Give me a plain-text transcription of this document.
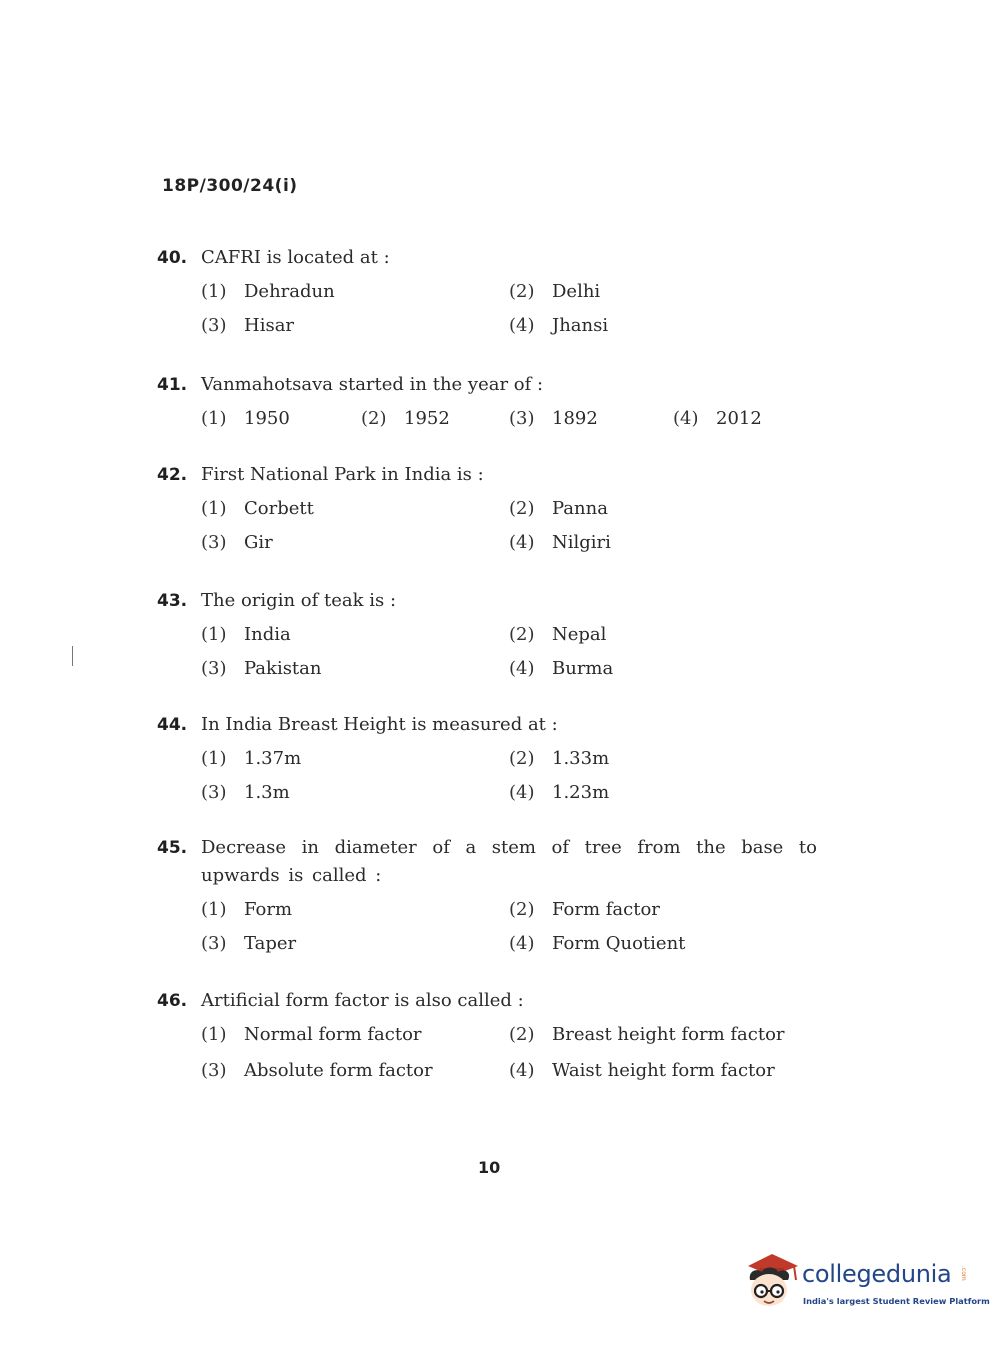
18P/300/24(i)
40. CAFRI is located at :
(1) Dehradun	(2) Delhi
(3) Hisar	(4) Jhansi
41. Vanmahotsava started in the year of :
(1) 1950	(2) 1952	(3) 1892	(4) 2012
42. First National Park in India is :
(1) Corbett	(2) Panna
(3) Gir	(4) Nilgiri
43. The origin of teak is :
(1) India	(2) Nepal
(3) Pakistan	(4) Burma
44. In India Breast Height is measured at :
(1) 1.37m	(2) 1.33m
(3) 1.3m	(4) 1.23m
45. Decrease in diameter of a stem of tree from the base to upwards is called :
(1) Form	(2) Form factor
(3) Taper	(4) Form Quotient
46. Artificial form factor is also called :
(1) Normal form factor	(2) Breast height form factor
(3) Absolute form factor	(4) Waist height form factor
10
collegedunia .com
India's largest Student Review Platform
